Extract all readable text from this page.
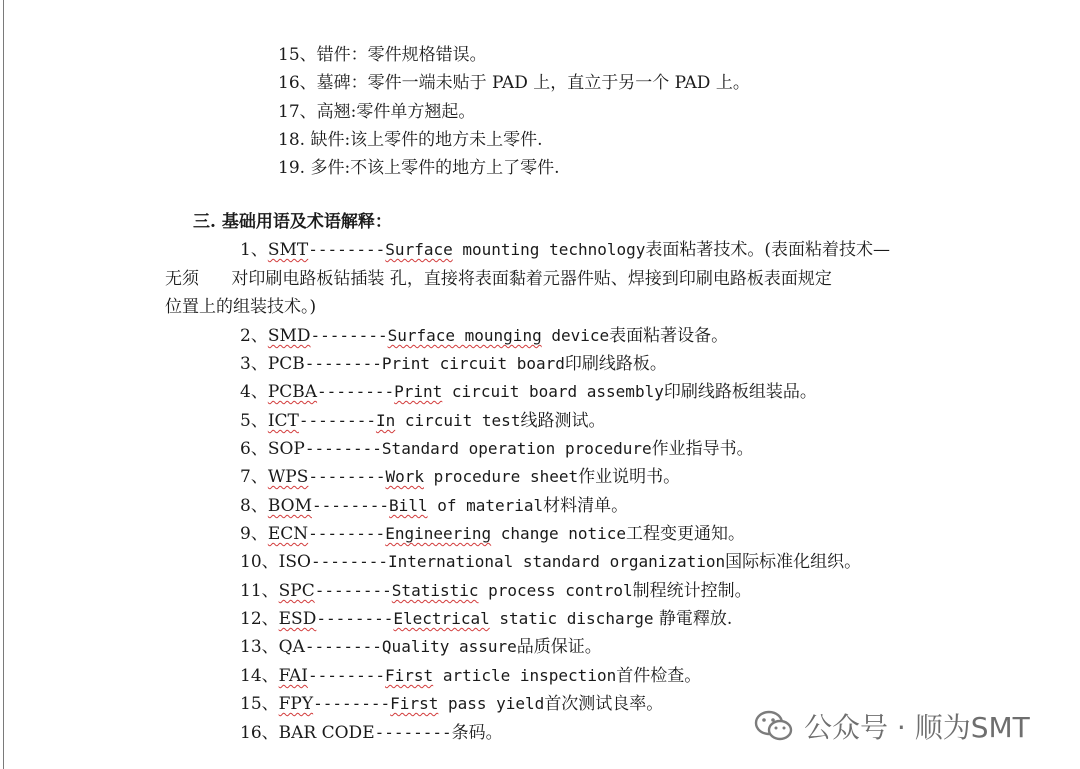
15、错件：零件规格错误。
16、墓碑：零件一端未贴于 PAD 上，直立于另一个 PAD 上。
17、高翘:零件单方翘起。
18. 缺件:该上零件的地方未上零件.
19. 多件:不该上零件的地方上了零件.
三. 基础用语及术语解释：
1、SMT--------Surface mounting technology表面粘著技术。(表面粘着技术—
无须      对印刷电路板钻插装 孔，直接将表面黏着元器件贴、焊接到印刷电路板表面规定
位置上的组装技术。)
2、SMD--------Surface mounging device表面粘著设备。
3、PCB--------Print circuit board印刷线路板。
4、PCBA--------Print circuit board assembly印刷线路板组装品。
5、ICT--------In circuit test线路测试。
6、SOP--------Standard operation procedure作业指导书。
7、WPS--------Work procedure sheet作业说明书。
8、BOM--------Bill of material材料清单。
9、ECN--------Engineering change notice工程变更通知。
10、ISO--------International standard organization国际标准化组织。
11、SPC--------Statistic process control制程统计控制。
12、ESD--------Electrical static discharge 静電釋放.
13、QA--------Quality assure品质保证。
14、FAI--------First article inspection首件检查。
15、FPY--------First pass yield首次测试良率。
16、BAR CODE--------条码。	公众号 · 顺为SMT
